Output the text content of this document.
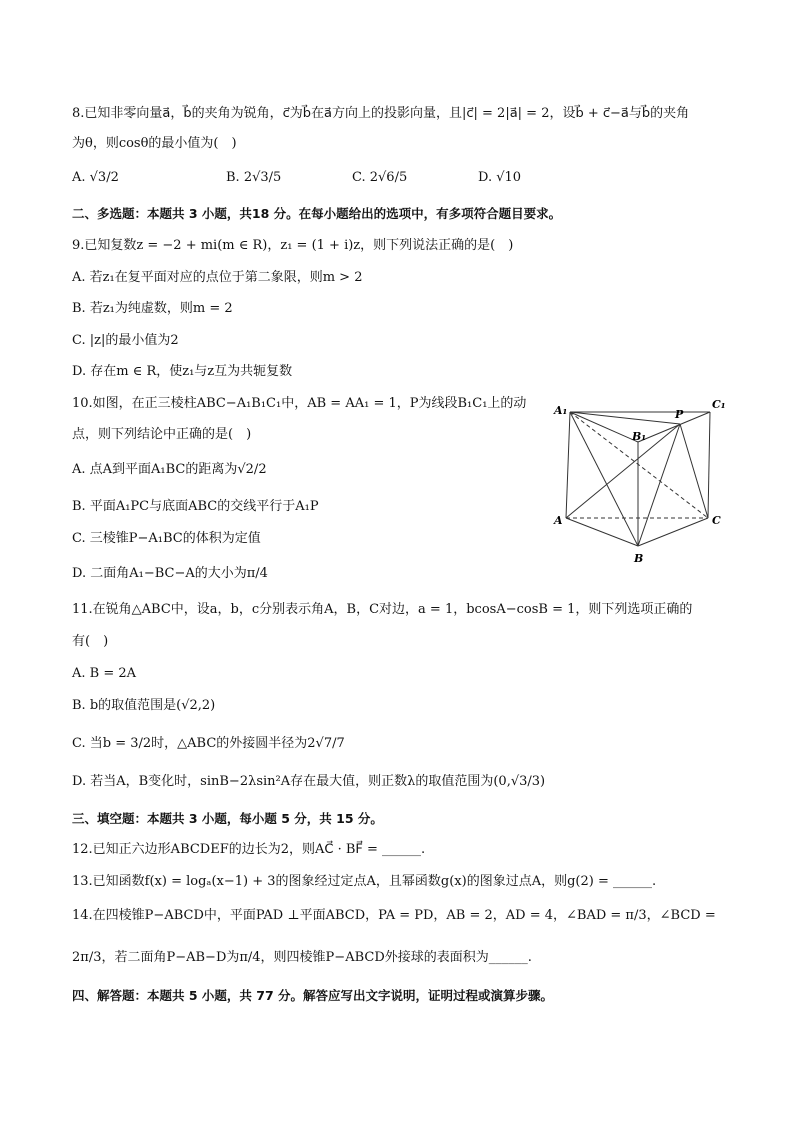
8.已知非零向量a⃗，b⃗的夹角为锐角，c⃗为b⃗在a⃗方向上的投影向量，且|c⃗| = 2|a⃗| = 2，设b⃗ + c⃗−a⃗与b⃗的夹角
为θ，则cosθ的最小值为(　)
A. √3/2	B. 2√3/5	C. 2√6/5	D. √10
二、多选题：本题共 3 小题，共18 分。在每小题给出的选项中，有多项符合题目要求。
9.已知复数z = −2 + mi(m ∈ R)，z₁ = (1 + i)z，则下列说法正确的是(　)
A. 若z₁在复平面对应的点位于第二象限，则m > 2
B. 若z₁为纯虚数，则m = 2
C. |z|的最小值为2
D. 存在m ∈ R，使z₁与z互为共轭复数
10.如图，在正三棱柱ABC−A₁B₁C₁中，AB = AA₁ = 1，P为线段B₁C₁上的动
点，则下列结论中正确的是(　)
A. 点A到平面A₁BC的距离为√2/2
B. 平面A₁PC与底面ABC的交线平行于A₁P
C. 三棱锥P−A₁BC的体积为定值
D. 二面角A₁−BC−A的大小为π/4
11.在锐角△ABC中，设a，b，c分别表示角A，B，C对边，a = 1，bcosA−cosB = 1，则下列选项正确的
有(　)
A. B = 2A
B. b的取值范围是(√2,2)
C. 当b = 3/2时，△ABC的外接圆半径为2√7/7
D. 若当A，B变化时，sinB−2λsin²A存在最大值，则正数λ的取值范围为(0,√3/3)
三、填空题：本题共 3 小题，每小题 5 分，共 15 分。
12.已知正六边形ABCDEF的边长为2，则AC⃗ · BF⃗ = ______.
13.已知函数f(x) = logₐ(x−1) + 3的图象经过定点A，且幂函数g(x)的图象过点A，则g(2) = ______.
14.在四棱锥P−ABCD中，平面PAD ⊥平面ABCD，PA = PD，AB = 2，AD = 4，∠BAD = π/3，∠BCD =
2π/3，若二面角P−AB−D为π/4，则四棱锥P−ABCD外接球的表面积为______.
四、解答题：本题共 5 小题，共 77 分。解答应写出文字说明，证明过程或演算步骤。
A₁	P
C₁
B₁
A	C
B
